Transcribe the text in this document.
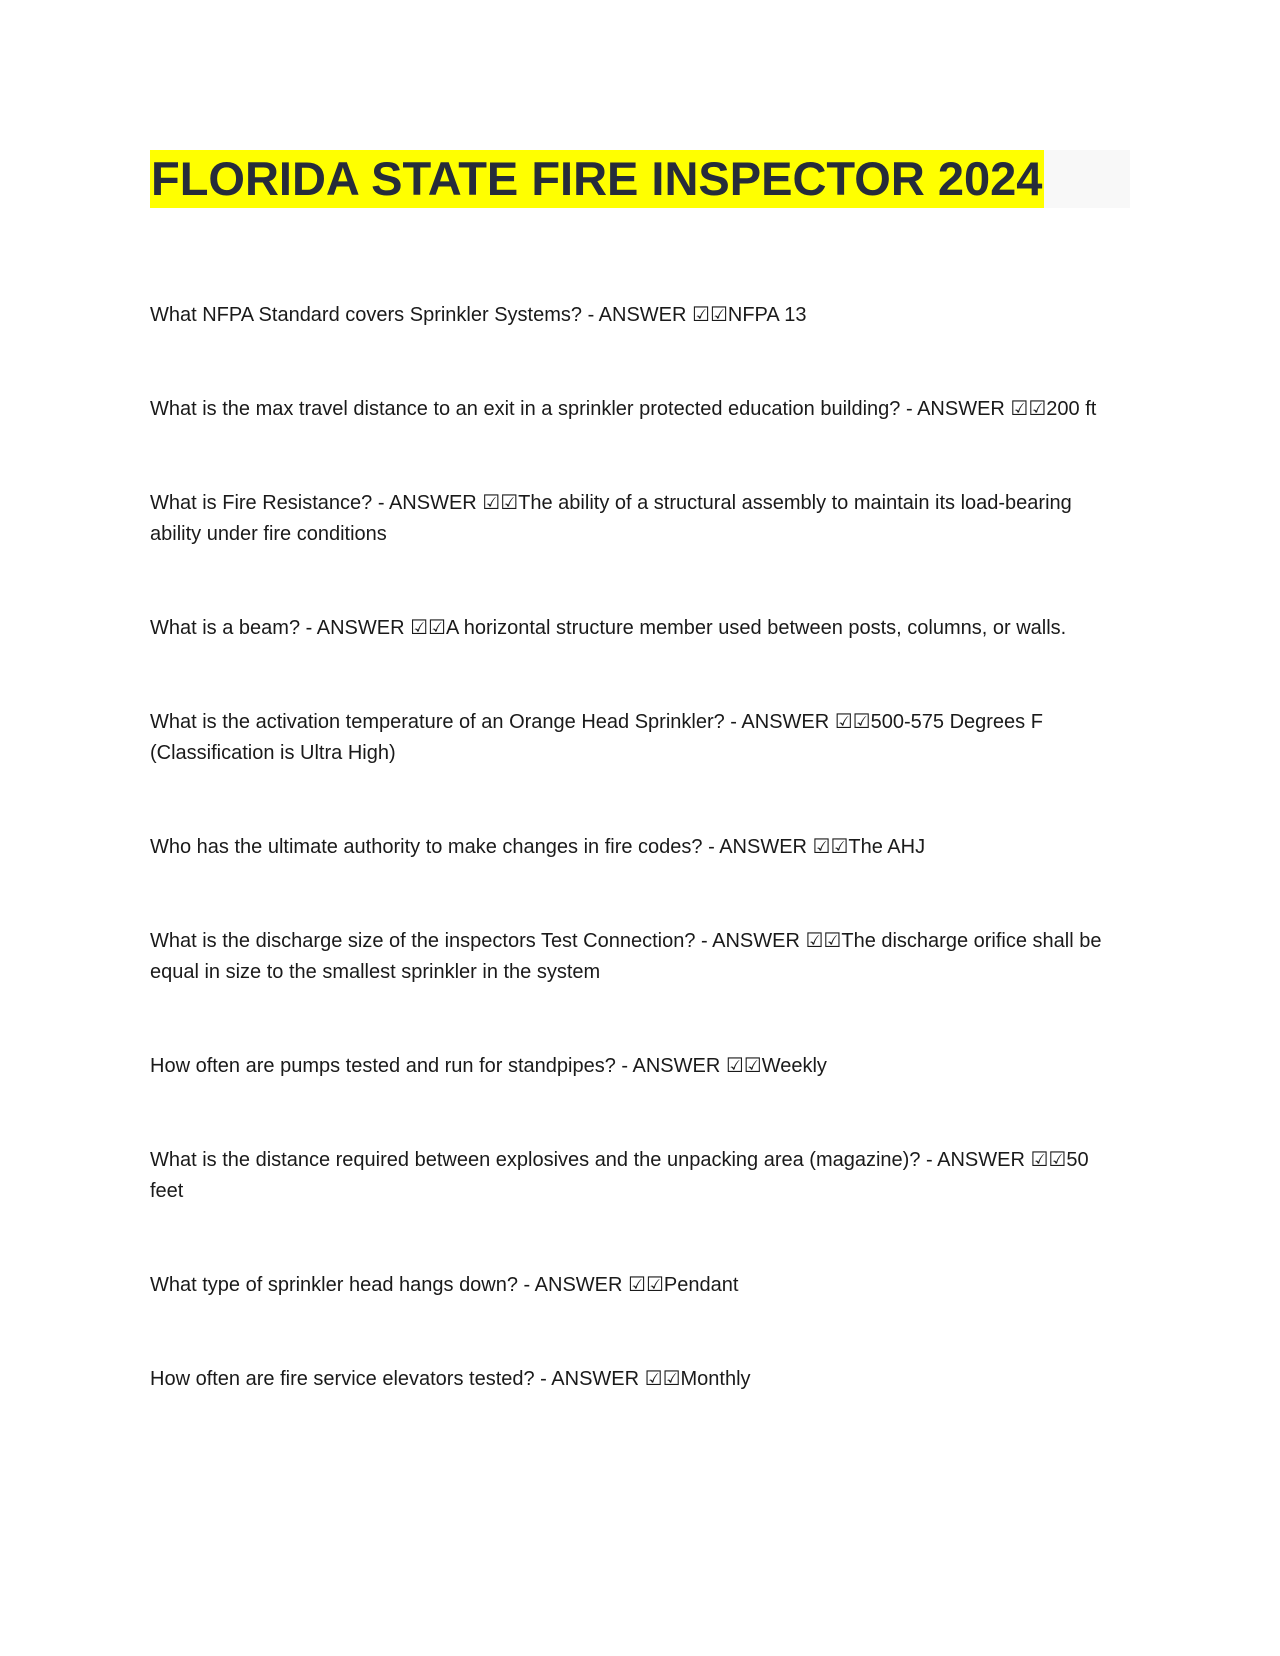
FLORIDA STATE FIRE INSPECTOR 2024
What NFPA Standard covers Sprinkler Systems? - ANSWER ☑☑NFPA 13
What is the max travel distance to an exit in a sprinkler protected education building? - ANSWER ☑☑200 ft
What is Fire Resistance? - ANSWER ☑☑The ability of a structural assembly to maintain its load-bearing ability under fire conditions
What is a beam? - ANSWER ☑☑A horizontal structure member used between posts, columns, or walls.
What is the activation temperature of an Orange Head Sprinkler? - ANSWER ☑☑500-575 Degrees F (Classification is Ultra High)
Who has the ultimate authority to make changes in fire codes? - ANSWER ☑☑The AHJ
What is the discharge size of the inspectors Test Connection? - ANSWER ☑☑The discharge orifice shall be equal in size to the smallest sprinkler in the system
How often are pumps tested and run for standpipes? - ANSWER ☑☑Weekly
What is the distance required between explosives and the unpacking area (magazine)? - ANSWER ☑☑50 feet
What type of sprinkler head hangs down? - ANSWER ☑☑Pendant
How often are fire service elevators tested? - ANSWER ☑☑Monthly
